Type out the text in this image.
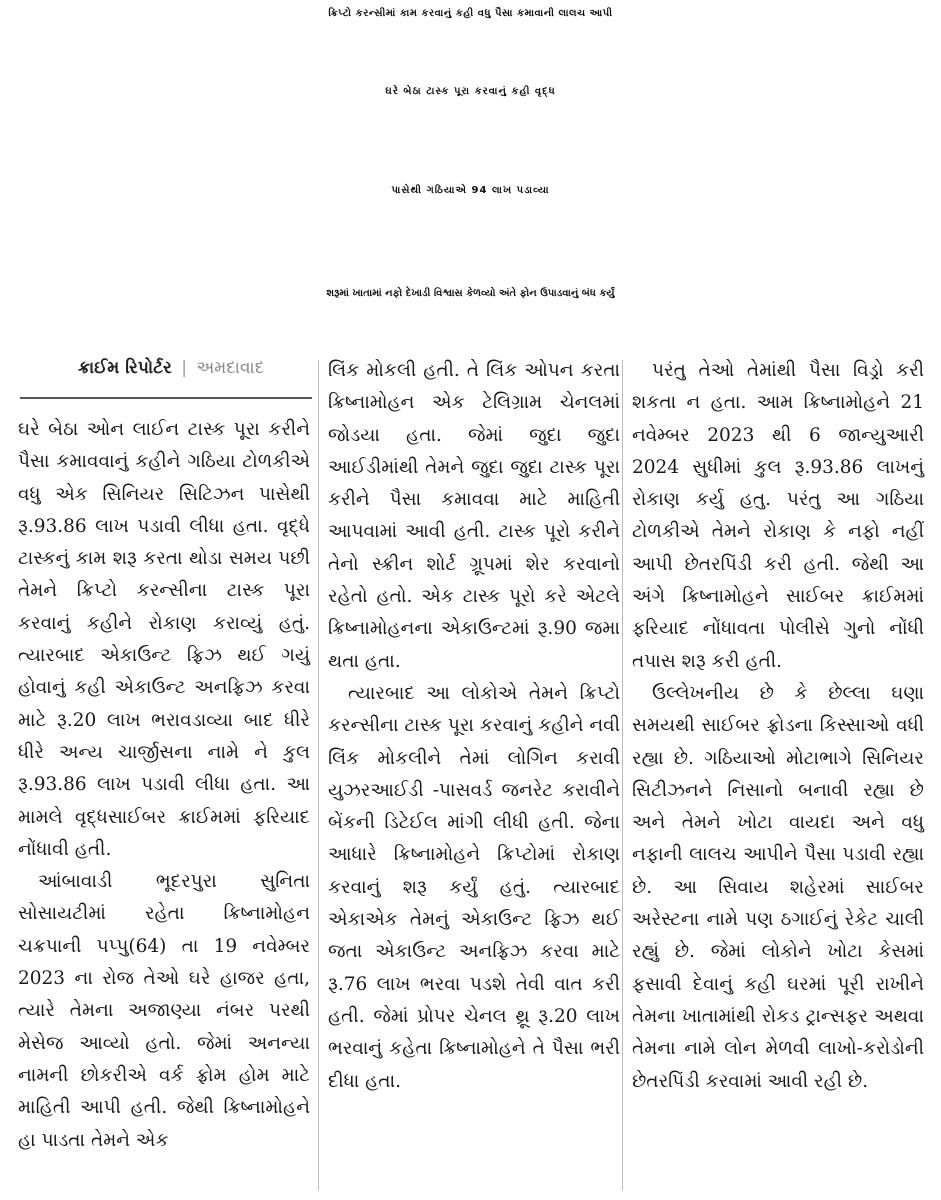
ક્રિપ્ટો કરન્સીમાં કામ કરવાનું કહી વધુ પૈસા કમાવાની લાલચ આપી
ઘરે બેઠા ટાસ્ક પૂરા કરવાનું કહી વૃદ્ધ
પાસેથી ગઠિયાએ 94 લાખ પડાવ્યા
શરૂમાં ખાતામાં નફો દેખાડી વિશ્વાસ કેળવ્યો અંતે ફોન ઉપાડવાનું બંધ કર્યું
ક્રાઈમ રિપોર્ટર | અમદાવાદ

ઘરે બેઠા ઓન લાઈન ટાસ્ક પૂરા કરીને પૈસા કમાવવાનું કહીને ગઠિયા ટોળકીએ વધુ એક સિનિયર સિટિઝન પાસેથી રૂ.93.86 લાખ પડાવી લીધા હતા. વૃદ્ધે ટાસ્કનું કામ શરૂ કરતા થોડા સમય પછી તેમને ક્રિપ્ટો કરન્સીના ટાસ્ક પૂરા કરવાનું કહીને રોકાણ કરાવ્યું હતું. ત્યારબાદ એકાઉન્ટ ફ્રિઝ થઈ ગયું હોવાનું કહી એકાઉન્ટ અનફ્રિઝ કરવા માટે રૂ.20 લાખ ભરાવડાવ્યા બાદ ધીરે ધીરે અન્ય ચાર્જીસના નામે ને કુલ રૂ.93.86 લાખ પડાવી લીધા હતા. આ મામલે વૃદ્ધસાઈબર ક્રાઈમમાં ફરિયાદ નોંધાવી હતી.

આંબાવાડી ભૂદરપુરા સુનિતા સોસાયટીમાં રહેતા ક્રિષ્નામોહન ચક્રપાની પપ્પુ(64) તા 19 નવેમ્બર 2023 ના રોજ તેઓ ઘરે હાજર હતા, ત્યારે તેમના અજાણ્યા નંબર પરથી મેસેજ આવ્યો હતો. જેમાં અનન્યા નામની છોકરીએ વર્ક ફ્રોમ હોમ માટે માહિતી આપી હતી. જેથી ક્રિષ્નામોહને હા પાડતા તેમને એક

લિંક મોકલી હતી. તે લિંક ઓપન કરતા ક્રિષ્નામોહન એક ટેલિગ્રામ ચેનલમાં જોડયા હતા. જેમાં જુદા જુદા આઈડીમાંથી તેમને જુદા જુદા ટાસ્ક પૂરા કરીને પૈસા કમાવવા માટે માહિતી આપવામાં આવી હતી. ટાસ્ક પૂરો કરીને તેનો સ્ક્રીન શોર્ટ ગ્રૂપમાં શેર કરવાનો રહેતો હતો. એક ટાસ્ક પૂરો કરે એટલે ક્રિષ્નામોહનના એકાઉન્ટમાં રૂ.90 જમા થતા હતા.

ત્યારબાદ આ લોકોએ તેમને ક્રિપ્ટો કરન્સીના ટાસ્ક પૂરા કરવાનું કહીને નવી લિંક મોકલીને તેમાં લોગિન કરાવી યુઝરઆઈડી -પાસવર્ડ જનરેટ કરાવીને બેંકની ડિટેઈલ માંગી લીધી હતી. જેના આધારે ક્રિષ્નામોહને ક્રિપ્ટોમાં રોકાણ કરવાનું શરૂ કર્યું હતું. ત્યારબાદ એકાએક તેમનું એકાઉન્ટ ફ્રિઝ થઈ જતા એકાઉન્ટ અનફ્રિઝ કરવા માટે રૂ.76 લાખ ભરવા પડશે તેવી વાત કરી હતી. જેમાં પ્રોપર ચેનલ થ્રૂ રૂ.20 લાખ ભરવાનું કહેતા ક્રિષ્નામોહને તે પૈસા ભરી દીધા હતા.

પરંતુ તેઓ તેમાંથી પૈસા વિડ્રો કરી શકતા ન હતા. આમ ક્રિષ્નામોહને 21 નવેમ્બર 2023 થી 6 જાન્યુઆરી 2024 સુધીમાં કુલ રૂ.93.86 લાખનું રોકાણ કર્યુ હતુ. પરંતુ આ ગઠિયા ટોળકીએ તેમને રોકાણ કે નફો નહીં આપી છેતરપિંડી કરી હતી. જેથી આ અંગે ક્રિષ્નામોહને સાઈબર ક્રાઈમમાં ફરિયાદ નોંધાવતા પોલીસે ગુનો નોંધી તપાસ શરૂ કરી હતી.

ઉલ્લેખનીય છે કે છેલ્લા ઘણા સમયથી સાઈબર ફ્રોડના કિસ્સાઓ વધી રહ્યા છે. ગઠિયાઓ મોટાભાગે સિનિયર સિટીઝનને નિસાનો બનાવી રહ્યા છે અને તેમને ખોટા વાયદા અને વધુ નફાની લાલચ આપીને પૈસા પડાવી રહ્યા છે. આ સિવાય શહેરમાં સાઈબર અરેસ્ટના નામે પણ ઠગાઈનું રેકેટ ચાલી રહ્યું છે. જેમાં લોકોને ખોટા કેસમાં ફસાવી દેવાનું કહી ઘરમાં પૂરી રાખીને તેમના ખાતામાંથી રોકડ ટ્રાન્સફર અથવા તેમના નામે લોન મેળવી લાખો-કરોડોની છેતરપિંડી કરવામાં આવી રહી છે.
